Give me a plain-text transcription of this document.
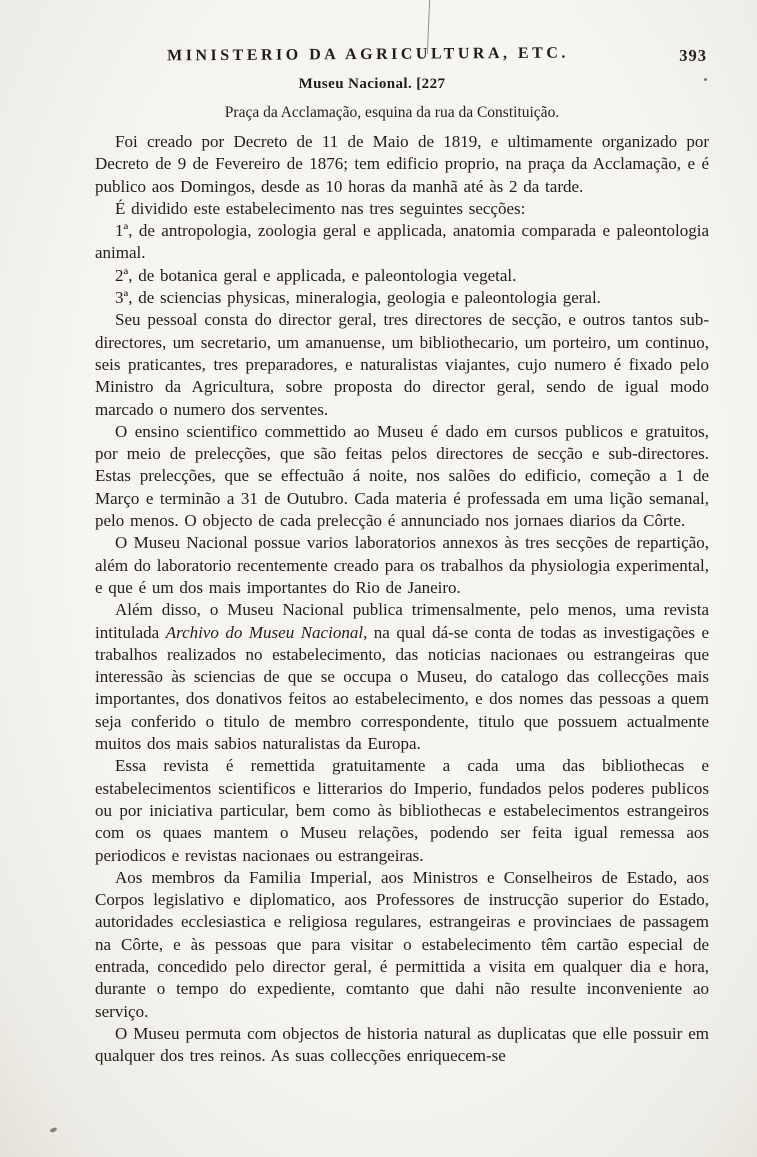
MINISTERIO DA AGRICULTURA, ETC.	393
Museu Nacional. [227
Praça da Acclamação, esquina da rua da Constituição.

Foi creado por Decreto de 11 de Maio de 1819, e ultimamente organizado por Decreto de 9 de Fevereiro de 1876; tem edificio proprio, na praça da Acclamação, e é publico aos Domingos, desde as 10 horas da manhã até às 2 da tarde.

É dividido este estabelecimento nas tres seguintes secções:

1ª, de antropologia, zoologia geral e applicada, anatomia comparada e paleontologia animal.

2ª, de botanica geral e applicada, e paleontologia vegetal.

3ª, de sciencias physicas, mineralogia, geologia e paleontologia geral.

Seu pessoal consta do director geral, tres directores de secção, e outros tantos sub-directores, um secretario, um amanuense, um bibliothecario, um porteiro, um continuo, seis praticantes, tres preparadores, e naturalistas viajantes, cujo numero é fixado pelo Ministro da Agricultura, sobre proposta do director geral, sendo de igual modo marcado o numero dos serventes.

O ensino scientifico commettido ao Museu é dado em cursos publicos e gratuitos, por meio de prelecções, que são feitas pelos directores de secção e sub-directores. Estas prelecções, que se effectuão á noite, nos salões do edificio, começão a 1 de Março e terminão a 31 de Outubro. Cada materia é professada em uma lição semanal, pelo menos. O objecto de cada prelecção é annunciado nos jornaes diarios da Côrte.

O Museu Nacional possue varios laboratorios annexos às tres secções de repartição, além do laboratorio recentemente creado para os trabalhos da physiologia experimental, e que é um dos mais importantes do Rio de Janeiro.

Além disso, o Museu Nacional publica trimensalmente, pelo menos, uma revista intitulada Archivo do Museu Nacional, na qual dá-se conta de todas as investigações e trabalhos realizados no estabelecimento, das noticias nacionaes ou estrangeiras que interessão às sciencias de que se occupa o Museu, do catalogo das collecções mais importantes, dos donativos feitos ao estabelecimento, e dos nomes das pessoas a quem seja conferido o titulo de membro correspondente, titulo que possuem actualmente muitos dos mais sabios naturalistas da Europa.

Essa revista é remettida gratuitamente a cada uma das bibliothecas e estabelecimentos scientificos e litterarios do Imperio, fundados pelos poderes publicos ou por iniciativa particular, bem como às bibliothecas e estabelecimentos estrangeiros com os quaes mantem o Museu relações, podendo ser feita igual remessa aos periodicos e revistas nacionaes ou estrangeiras.

Aos membros da Familia Imperial, aos Ministros e Conselheiros de Estado, aos Corpos legislativo e diplomatico, aos Professores de instrucção superior do Estado, autoridades ecclesiastica e religiosa regulares, estrangeiras e provinciaes de passagem na Côrte, e às pessoas que para visitar o estabelecimento têm cartão especial de entrada, concedido pelo director geral, é permittida a visita em qualquer dia e hora, durante o tempo do expediente, comtanto que dahi não resulte inconveniente ao serviço.

O Museu permuta com objectos de historia natural as duplicatas que elle possuir em qualquer dos tres reinos. As suas collecções enriquecem-se
